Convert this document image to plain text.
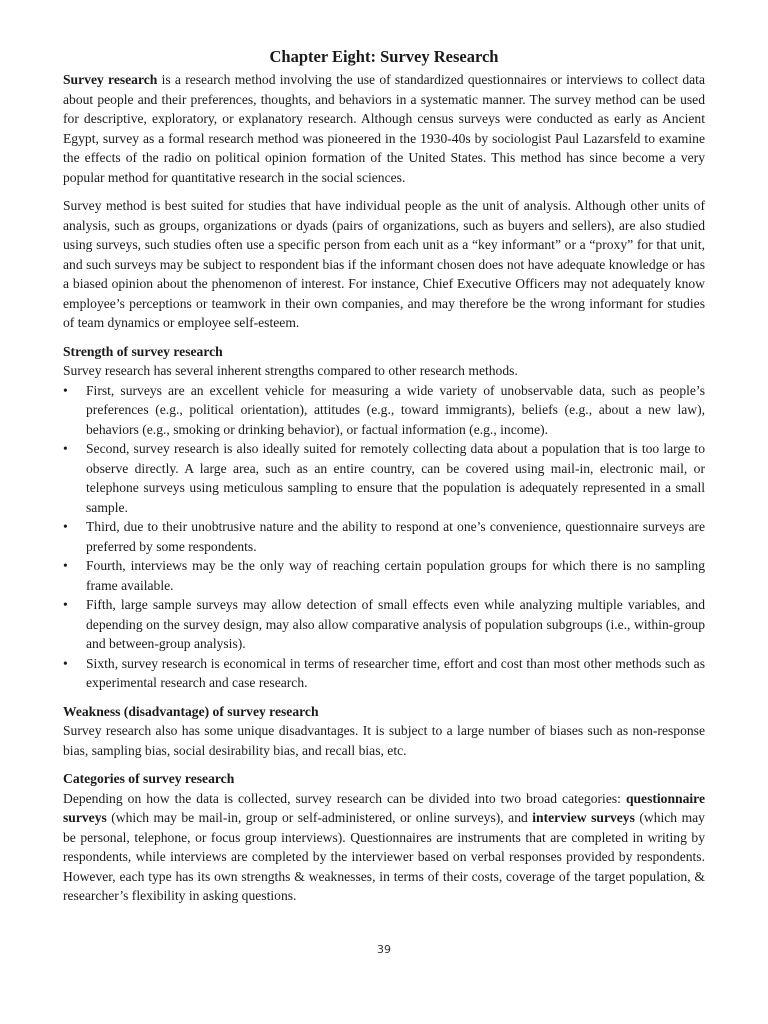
Chapter Eight: Survey Research

Survey research is a research method involving the use of standardized questionnaires or interviews to collect data about people and their preferences, thoughts, and behaviors in a systematic manner. The survey method can be used for descriptive, exploratory, or explanatory research. Although census surveys were conducted as early as Ancient Egypt, survey as a formal research method was pioneered in the 1930-40s by sociologist Paul Lazarsfeld to examine the effects of the radio on political opinion formation of the United States. This method has since become a very popular method for quantitative research in the social sciences.

Survey method is best suited for studies that have individual people as the unit of analysis. Although other units of analysis, such as groups, organizations or dyads (pairs of organizations, such as buyers and sellers), are also studied using surveys, such studies often use a specific person from each unit as a “key informant” or a “proxy” for that unit, and such surveys may be subject to respondent bias if the informant chosen does not have adequate knowledge or has a biased opinion about the phenomenon of interest. For instance, Chief Executive Officers may not adequately know employee’s perceptions or teamwork in their own companies, and may therefore be the wrong informant for studies of team dynamics or employee self-esteem.

Strength of survey research

Survey research has several inherent strengths compared to other research methods.

• First, surveys are an excellent vehicle for measuring a wide variety of unobservable data, such as people’s preferences (e.g., political orientation), attitudes (e.g., toward immigrants), beliefs (e.g., about a new law), behaviors (e.g., smoking or drinking behavior), or factual information (e.g., income).
• Second, survey research is also ideally suited for remotely collecting data about a population that is too large to observe directly. A large area, such as an entire country, can be covered using mail-in, electronic mail, or telephone surveys using meticulous sampling to ensure that the population is adequately represented in a small sample.
• Third, due to their unobtrusive nature and the ability to respond at one’s convenience, questionnaire surveys are preferred by some respondents.
• Fourth, interviews may be the only way of reaching certain population groups for which there is no sampling frame available.
• Fifth, large sample surveys may allow detection of small effects even while analyzing multiple variables, and depending on the survey design, may also allow comparative analysis of population subgroups (i.e., within-group and between-group analysis).
• Sixth, survey research is economical in terms of researcher time, effort and cost than most other methods such as experimental research and case research.
Weakness (disadvantage) of survey research

Survey research also has some unique disadvantages. It is subject to a large number of biases such as non-response bias, sampling bias, social desirability bias, and recall bias, etc.

Categories of survey research

Depending on how the data is collected, survey research can be divided into two broad categories: questionnaire surveys (which may be mail-in, group or self-administered, or online surveys), and interview surveys (which may be personal, telephone, or focus group interviews). Questionnaires are instruments that are completed in writing by respondents, while interviews are completed by the interviewer based on verbal responses provided by respondents. However, each type has its own strengths & weaknesses, in terms of their costs, coverage of the target population, & researcher’s flexibility in asking questions.

39
